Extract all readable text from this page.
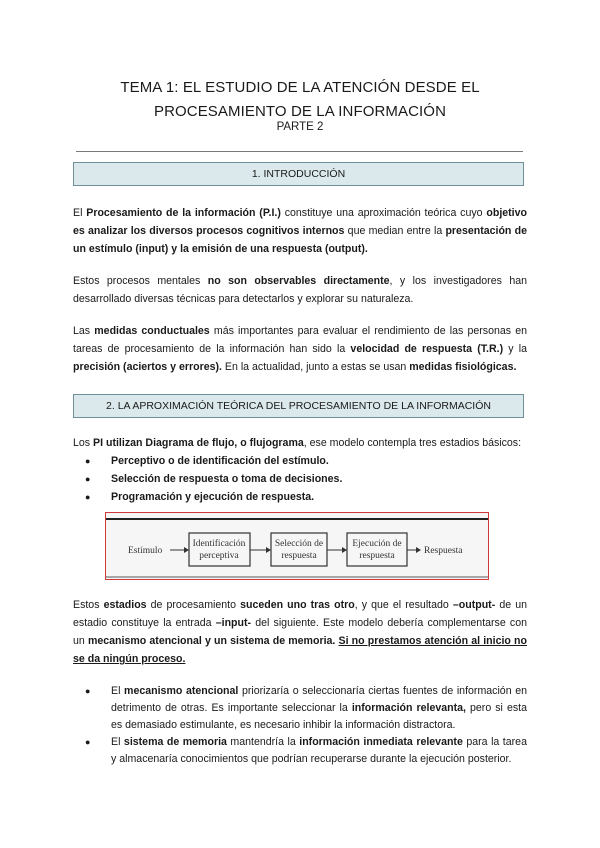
TEMA 1: EL ESTUDIO DE LA ATENCIÓN DESDE EL
PROCESAMIENTO DE LA INFORMACIÓN
PARTE 2
1. INTRODUCCIÓN

El Procesamiento de la información (P.I.) constituye una aproximación teórica cuyo objetivo es analizar los diversos procesos cognitivos internos que median entre la presentación de un estímulo (input) y la emisión de una respuesta (output).

Estos procesos mentales no son observables directamente, y los investigadores han desarrollado diversas técnicas para detectarlos y explorar su naturaleza.

Las medidas conductuales más importantes para evaluar el rendimiento de las personas en tareas de procesamiento de la información han sido la velocidad de respuesta (T.R.) y la precisión (aciertos y errores). En la actualidad, junto a estas se usan medidas fisiológicas.

2. LA APROXIMACIÓN TEÓRICA DEL PROCESAMIENTO DE LA INFORMACIÓN

Los PI utilizan Diagrama de flujo, o flujograma, ese modelo contempla tres estadios básicos:

● Perceptivo o de identificación del estímulo.
● Selección de respuesta o toma de decisiones.
● Programación y ejecución de respuesta.
Estímulo
Identificación
perceptiva
Selección de
respuesta
Ejecución de
respuesta	Respuesta

Estos estadios de procesamiento suceden uno tras otro, y que el resultado –output- de un estadio constituye la entrada –input- del siguiente. Este modelo debería complementarse con un mecanismo atencional y un sistema de memoria. Si no prestamos atención al inicio no se da ningún proceso.

● El mecanismo atencional priorizaría o seleccionaría ciertas fuentes de información en detrimento de otras. Es importante seleccionar la información relevanta, pero si esta es demasiado estimulante, es necesario inhibir la información distractora.
● El sistema de memoria mantendría la información inmediata relevante para la tarea y almacenaría conocimientos que podrían recuperarse durante la ejecución posterior.
